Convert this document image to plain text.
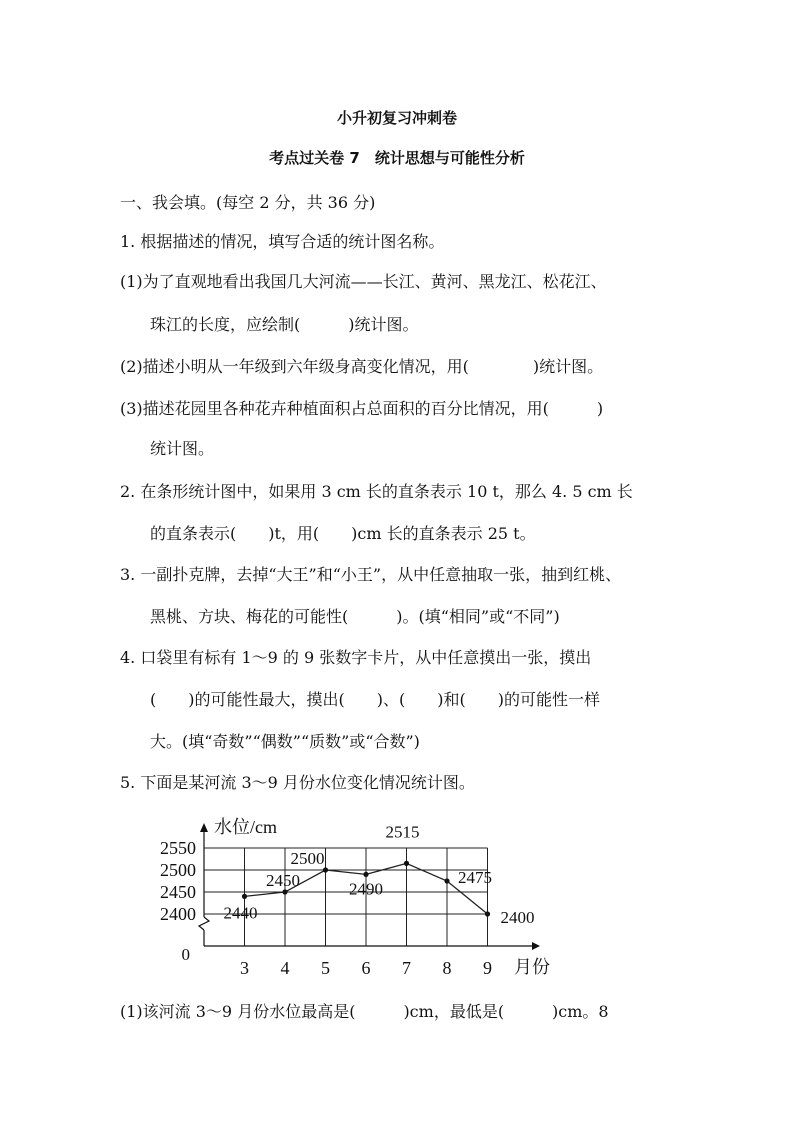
小升初复习冲刺卷
考点过关卷 7　统计思想与可能性分析
一、我会填。(每空 2 分，共 36 分)
1. 根据描述的情况，填写合适的统计图名称。
(1)为了直观地看出我国几大河流——长江、黄河、黑龙江、松花江、
珠江的长度，应绘制(　　　)统计图。
(2)描述小明从一年级到六年级身高变化情况，用(　　　　)统计图。
(3)描述花园里各种花卉种植面积占总面积的百分比情况，用(　　　)
统计图。
2. 在条形统计图中，如果用 3 cm 长的直条表示 10 t，那么 4. 5 cm 长
的直条表示(　　)t，用(　　)cm 长的直条表示 25 t。
3. 一副扑克牌，去掉“大王”和“小王”，从中任意抽取一张，抽到红桃、
黑桃、方块、梅花的可能性(　　　)。(填“相同”或“不同”)
4. 口袋里有标有 1～9 的 9 张数字卡片，从中任意摸出一张，摸出
(　　)的可能性最大，摸出(　　)、(　　)和(　　)的可能性一样
大。(填“奇数”“偶数”“质数”或“合数”)
5. 下面是某河流 3～9 月份水位变化情况统计图。
水位/cm
月份
0
2550
2500
2450
2400
3 4 5 6 7 8 9
2440
2450
2500
2490
2515
2475
2400
(1)该河流 3～9 月份水位最高是(　　　)cm，最低是(　　　)cm。8
